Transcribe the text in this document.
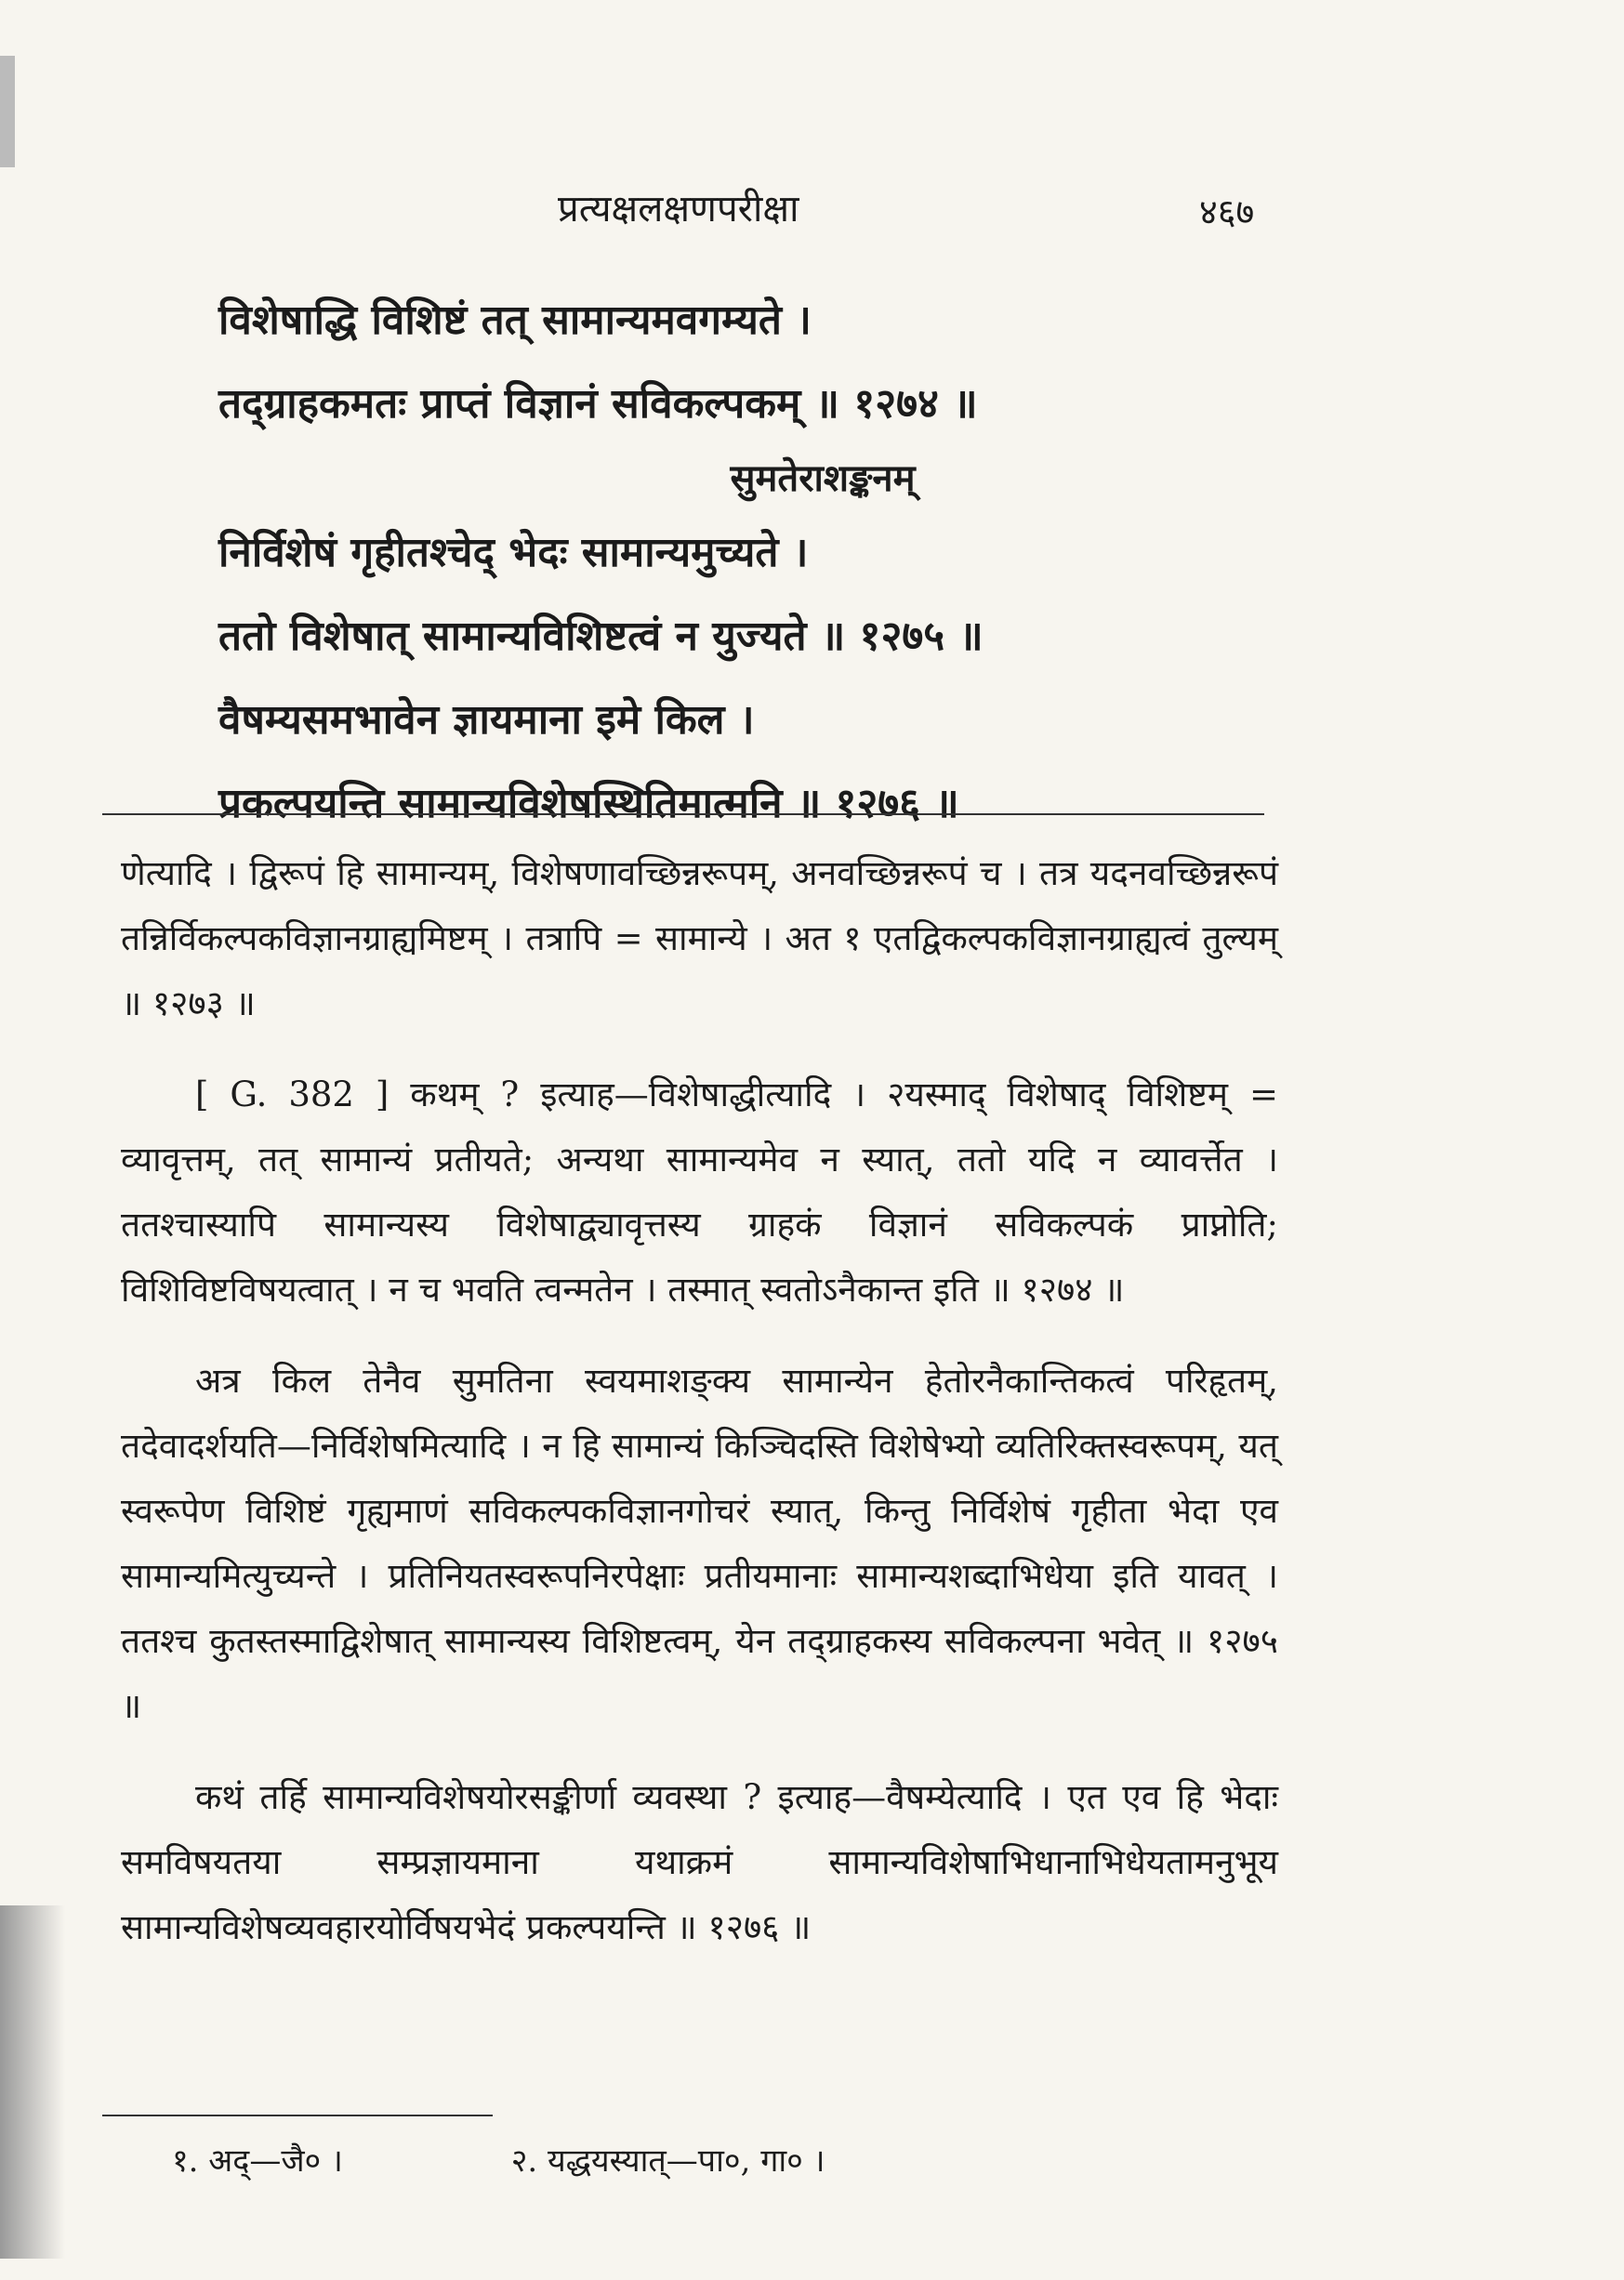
प्रत्यक्षलक्षणपरीक्षा	४६७
विशेषाद्धि विशिष्टं तत् सामान्यमवगम्यते ।
तद्ग्राहकमतः प्राप्तं विज्ञानं सविकल्पकम् ॥ १२७४ ॥
सुमतेराशङ्कनम्
निर्विशेषं गृहीतश्चेद् भेदः सामान्यमुच्यते ।
ततो विशेषात् सामान्यविशिष्टत्वं न युज्यते ॥ १२७५ ॥
वैषम्यसमभावेन ज्ञायमाना इमे किल ।
प्रकल्पयन्ति सामान्यविशेषस्थितिमात्मनि ॥ १२७६ ॥

णेत्यादि । द्विरूपं हि सामान्यम्, विशेषणावच्छिन्नरूपम्, अनवच्छिन्नरूपं च । तत्र यदनवच्छिन्नरूपं तन्निर्विकल्पकविज्ञानग्राह्यमिष्टम् । तत्रापि = सामान्ये । अत १ एतद्विकल्पकविज्ञानग्राह्यत्वं तुल्यम् ॥ १२७३ ॥

[ G. 382 ] कथम् ? इत्याह—विशेषाद्धीत्यादि । २यस्माद् विशेषाद् विशिष्टम् = व्यावृत्तम्, तत् सामान्यं प्रतीयते; अन्यथा सामान्यमेव न स्यात्, ततो यदि न व्यावर्त्तेत । ततश्चास्यापि सामान्यस्य विशेषाद्व्यावृत्तस्य ग्राहकं विज्ञानं सविकल्पकं प्राप्नोति; विशिविष्टविषयत्वात् । न च भवति त्वन्मतेन । तस्मात् स्वतोऽनैकान्त इति ॥ १२७४ ॥

अत्र किल तेनैव सुमतिना स्वयमाशङ्क्य सामान्येन हेतोरनैकान्तिकत्वं परिहृतम्, तदेवादर्शयति—निर्विशेषमित्यादि । न हि सामान्यं किञ्चिदस्ति विशेषेभ्यो व्यतिरिक्तस्वरूपम्, यत् स्वरूपेण विशिष्टं गृह्यमाणं सविकल्पकविज्ञानगोचरं स्यात्, किन्तु निर्विशेषं गृहीता भेदा एव सामान्यमित्युच्यन्ते । प्रतिनियतस्वरूपनिरपेक्षाः प्रतीयमानाः सामान्यशब्दाभिधेया इति यावत् । ततश्च कुतस्तस्माद्विशेषात् सामान्यस्य विशिष्टत्वम्, येन तद्ग्राहकस्य सविकल्पना भवेत् ॥ १२७५ ॥

कथं तर्हि सामान्यविशेषयोरसङ्कीर्णा व्यवस्था ? इत्याह—वैषम्येत्यादि । एत एव हि भेदाः समविषयतया सम्प्रज्ञायमाना यथाक्रमं सामान्यविशेषाभिधानाभिधेयतामनुभूय सामान्यविशेषव्यवहारयोर्विषयभेदं प्रकल्पयन्ति ॥ १२७६ ॥

१. अद्—जै० ।	२. यद्धयस्यात्—पा०, गा० ।
